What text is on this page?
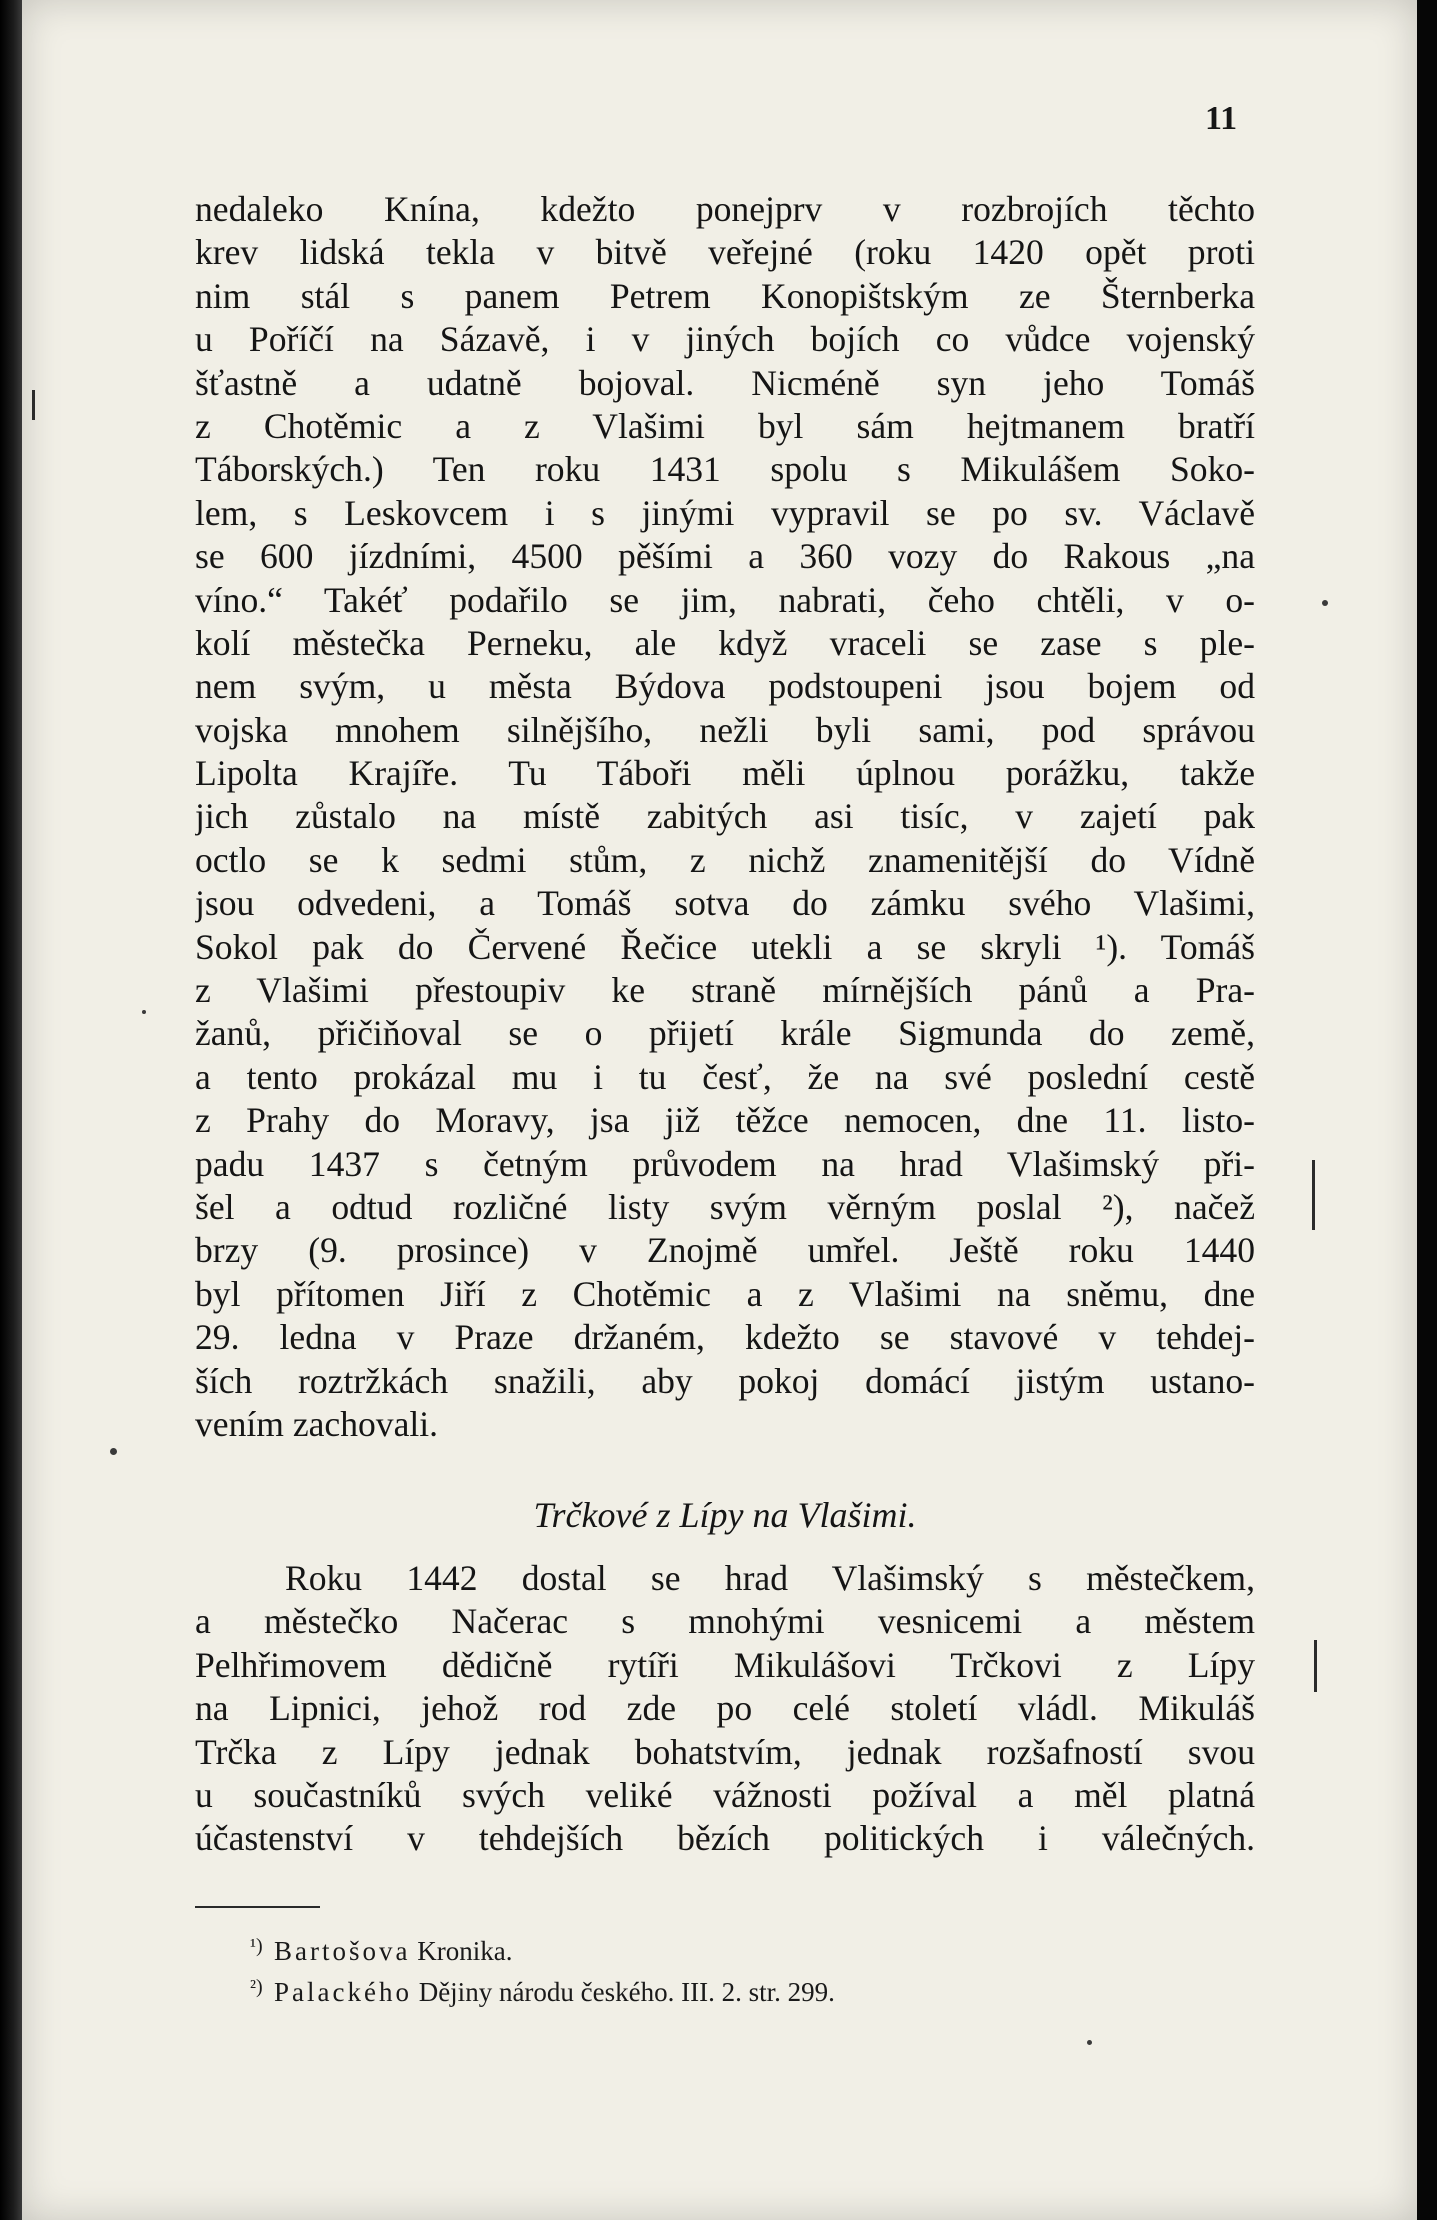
11
nedaleko Knína, kdežto ponejprv v rozbrojích těchto
krev lidská tekla v bitvě veřejné (roku 1420 opět proti
nim stál s panem Petrem Konopištským ze Šternberka
u Poříčí na Sázavě, i v jiných bojích co vůdce vojenský
šťastně a udatně bojoval. Nicméně syn jeho Tomáš
z Chotěmic a z Vlašimi byl sám hejtmanem bratří
Táborských.) Ten roku 1431 spolu s Mikulášem Soko-
lem, s Leskovcem i s jinými vypravil se po sv. Václavě
se 600 jízdními, 4500 pěšími a 360 vozy do Rakous „na
víno.“ Takéť podařilo se jim, nabrati, čeho chtěli, v o-
kolí městečka Perneku, ale když vraceli se zase s ple-
nem svým, u města Býdova podstoupeni jsou bojem od
vojska mnohem silnějšího, nežli byli sami, pod správou
Lipolta Krajíře. Tu Táboři měli úplnou porážku, takže
jich zůstalo na místě zabitých asi tisíc, v zajetí pak
octlo se k sedmi stům, z nichž znamenitější do Vídně
jsou odvedeni, a Tomáš sotva do zámku svého Vlašimi,
Sokol pak do Červené Řečice utekli a se skryli ¹). Tomáš
z Vlašimi přestoupiv ke straně mírnějších pánů a Pra-
žanů, přičiňoval se o přijetí krále Sigmunda do země,
a tento prokázal mu i tu česť, že na své poslední cestě
z Prahy do Moravy, jsa již těžce nemocen, dne 11. listo-
padu 1437 s četným průvodem na hrad Vlašimský při-
šel a odtud rozličné listy svým věrným poslal ²), načež
brzy (9. prosince) v Znojmě umřel. Ještě roku 1440
byl přítomen Jiří z Chotěmic a z Vlašimi na sněmu, dne
29. ledna v Praze držaném, kdežto se stavové v tehdej-
ších roztržkách snažili, aby pokoj domácí jistým ustano-
vením zachovali.
Trčkové z Lípy na Vlašimi.
Roku 1442 dostal se hrad Vlašimský s městečkem,
a městečko Načerac s mnohými vesnicemi a městem
Pelhřimovem dědičně rytíři Mikulášovi Trčkovi z Lípy
na Lipnici, jehož rod zde po celé století vládl. Mikuláš
Trčka z Lípy jednak bohatstvím, jednak rozšafností svou
u součastníků svých veliké vážnosti požíval a měl platná
účastenství v tehdejších bězích politických i válečných.
¹) Bartošova Kronika.
²) Palackého Dějiny národu českého. III. 2. str. 299.
